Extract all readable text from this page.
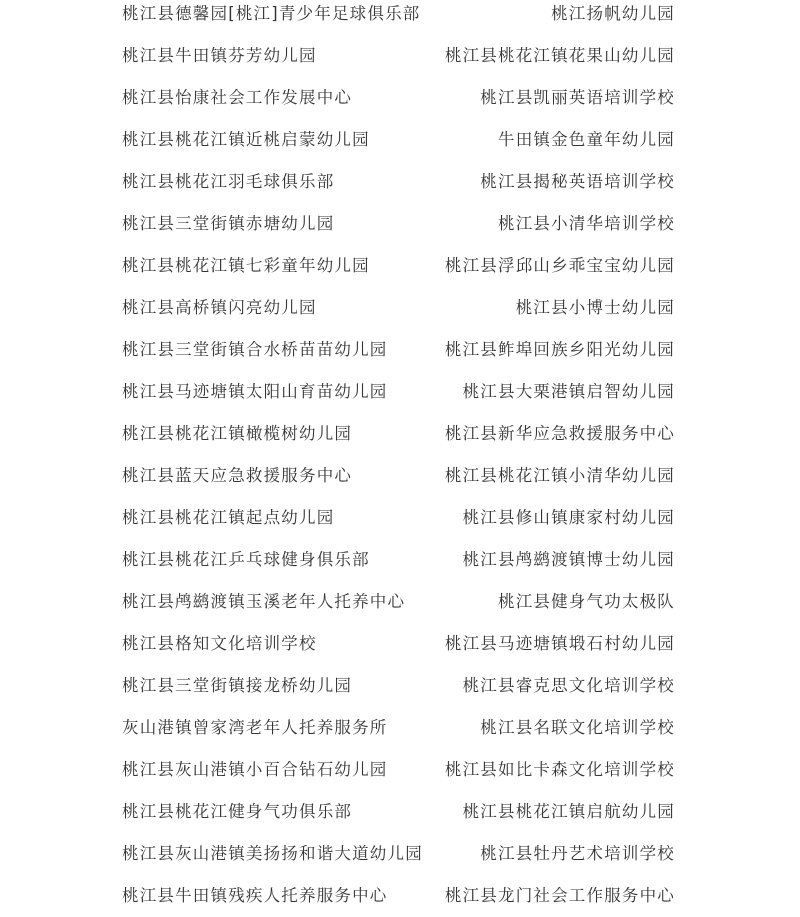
桃江县德馨园[桃江]青少年足球俱乐部	桃江扬帆幼儿园
桃江县牛田镇芬芳幼儿园	桃江县桃花江镇花果山幼儿园
桃江县怡康社会工作发展中心	桃江县凯丽英语培训学校
桃江县桃花江镇近桃启蒙幼儿园	牛田镇金色童年幼儿园
桃江县桃花江羽毛球俱乐部	桃江县揭秘英语培训学校
桃江县三堂街镇赤塘幼儿园	桃江县小清华培训学校
桃江县桃花江镇七彩童年幼儿园	桃江县浮邱山乡乖宝宝幼儿园
桃江县高桥镇闪亮幼儿园	桃江县小博士幼儿园
桃江县三堂街镇合水桥苗苗幼儿园	桃江县鲊埠回族乡阳光幼儿园
桃江县马迹塘镇太阳山育苗幼儿园	桃江县大栗港镇启智幼儿园
桃江县桃花江镇橄榄树幼儿园	桃江县新华应急救援服务中心
桃江县蓝天应急救援服务中心	桃江县桃花江镇小清华幼儿园
桃江县桃花江镇起点幼儿园	桃江县修山镇康家村幼儿园
桃江县桃花江乒乓球健身俱乐部	桃江县鸬鹚渡镇博士幼儿园
桃江县鸬鹚渡镇玉溪老年人托养中心	桃江县健身气功太极队
桃江县格知文化培训学校	桃江县马迹塘镇塅石村幼儿园
桃江县三堂街镇接龙桥幼儿园	桃江县睿克思文化培训学校
灰山港镇曾家湾老年人托养服务所	桃江县名联文化培训学校
桃江县灰山港镇小百合钻石幼儿园	桃江县如比卡森文化培训学校
桃江县桃花江健身气功俱乐部	桃江县桃花江镇启航幼儿园
桃江县灰山港镇美扬扬和谐大道幼儿园	桃江县牡丹艺术培训学校
桃江县牛田镇残疾人托养服务中心	桃江县龙门社会工作服务中心
